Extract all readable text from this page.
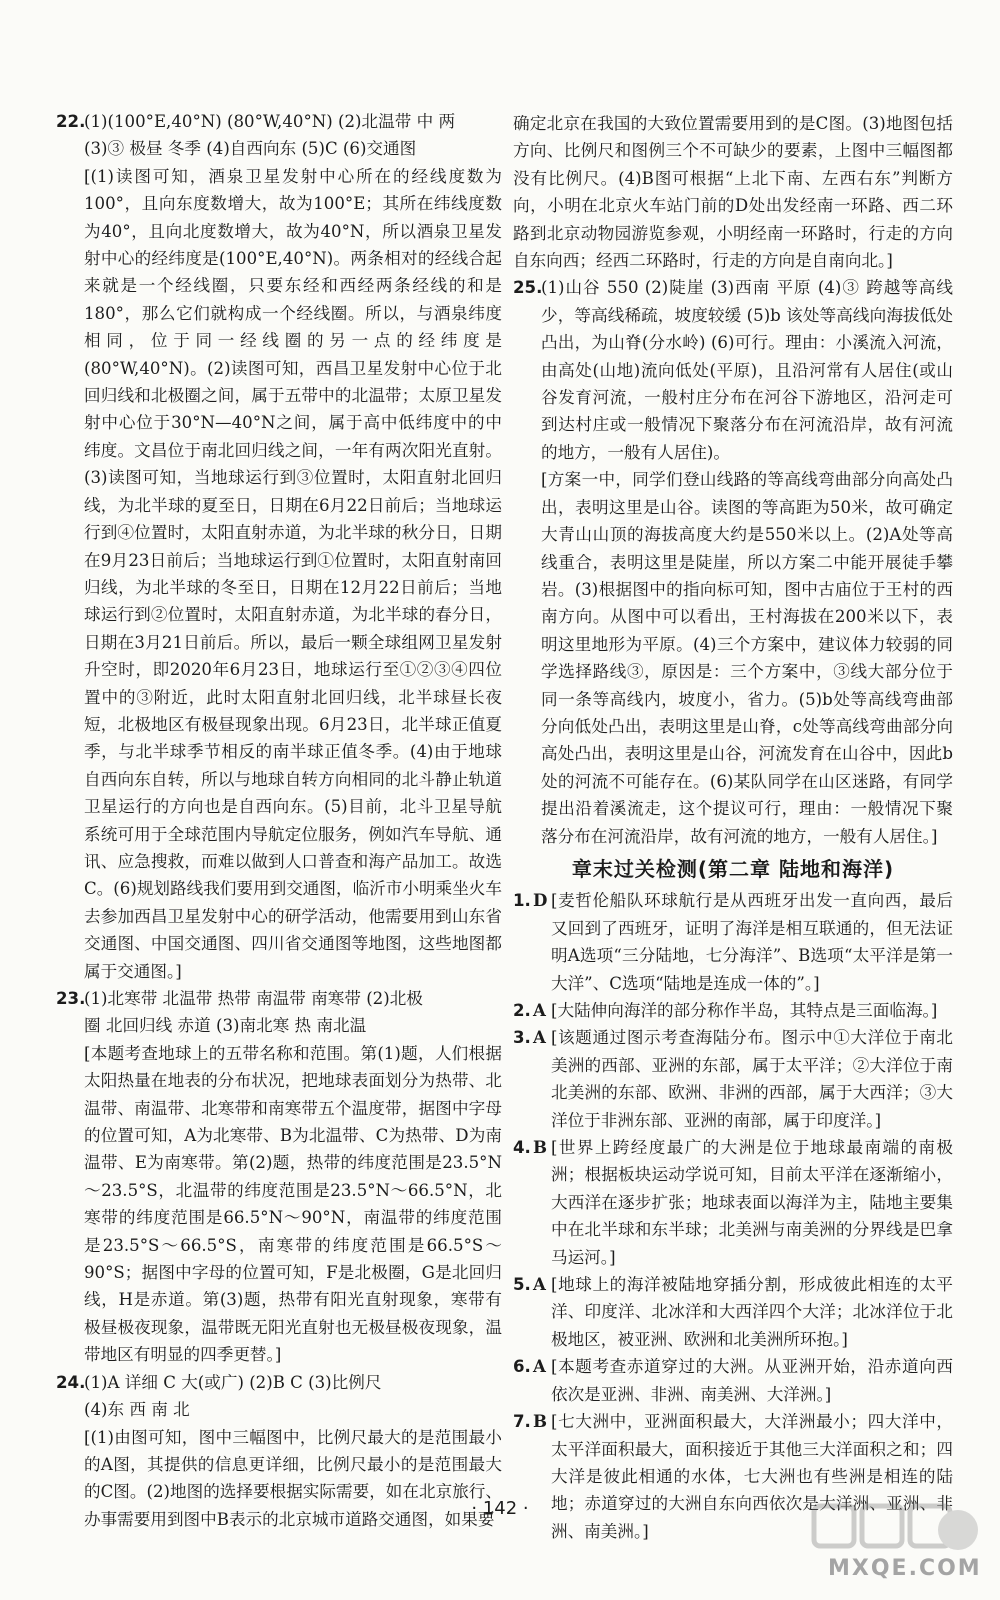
22.
(1)(100°E,40°N) (80°W,40°N) (2)北温带 中 两
(3)③ 极昼 冬季 (4)自西向东 (5)C (6)交通图
[(1)读图可知，酒泉卫星发射中心所在的经线度数为100°，且向东度数增大，故为100°E；其所在纬线度数为40°，且向北度数增大，故为40°N，所以酒泉卫星发射中心的经纬度是(100°E,40°N)。两条相对的经线合起来就是一个经线圈，只要东经和西经两条经线的和是180°，那么它们就构成一个经线圈。所以，与酒泉纬度相同，位于同一经线圈的另一点的经纬度是(80°W,40°N)。(2)读图可知，西昌卫星发射中心位于北回归线和北极圈之间，属于五带中的北温带；太原卫星发射中心位于30°N—40°N之间，属于高中低纬度中的中纬度。文昌位于南北回归线之间，一年有两次阳光直射。(3)读图可知，当地球运行到③位置时，太阳直射北回归线，为北半球的夏至日，日期在6月22日前后；当地球运行到④位置时，太阳直射赤道，为北半球的秋分日，日期在9月23日前后；当地球运行到①位置时，太阳直射南回归线，为北半球的冬至日，日期在12月22日前后；当地球运行到②位置时，太阳直射赤道，为北半球的春分日，日期在3月21日前后。所以，最后一颗全球组网卫星发射升空时，即2020年6月23日，地球运行至①②③④四位置中的③附近，此时太阳直射北回归线，北半球昼长夜短，北极地区有极昼现象出现。6月23日，北半球正值夏季，与北半球季节相反的南半球正值冬季。(4)由于地球自西向东自转，所以与地球自转方向相同的北斗静止轨道卫星运行的方向也是自西向东。(5)目前，北斗卫星导航系统可用于全球范围内导航定位服务，例如汽车导航、通讯、应急搜救，而难以做到人口普查和海产品加工。故选C。(6)规划路线我们要用到交通图，临沂市小明乘坐火车去参加西昌卫星发射中心的研学活动，他需要用到山东省交通图、中国交通图、四川省交通图等地图，这些地图都属于交通图。]
23.
(1)北寒带 北温带 热带 南温带 南寒带 (2)北极
圈 北回归线 赤道 (3)南北寒 热 南北温
[本题考查地球上的五带名称和范围。第(1)题，人们根据太阳热量在地表的分布状况，把地球表面划分为热带、北温带、南温带、北寒带和南寒带五个温度带，据图中字母的位置可知，A为北寒带、B为北温带、C为热带、D为南温带、E为南寒带。第(2)题，热带的纬度范围是23.5°N～23.5°S，北温带的纬度范围是23.5°N～66.5°N，北寒带的纬度范围是66.5°N～90°N，南温带的纬度范围是23.5°S～66.5°S，南寒带的纬度范围是66.5°S～90°S；据图中字母的位置可知，F是北极圈，G是北回归线，H是赤道。第(3)题，热带有阳光直射现象，寒带有极昼极夜现象，温带既无阳光直射也无极昼极夜现象，温带地区有明显的四季更替。]
24.
(1)A 详细 C 大(或广) (2)B C (3)比例尺
(4)东 西 南 北
[(1)由图可知，图中三幅图中，比例尺最大的是范围最小的A图，其提供的信息更详细，比例尺最小的是范围最大的C图。(2)地图的选择要根据实际需要，如在北京旅行、办事需要用到图中B表示的北京城市道路交通图，如果要
确定北京在我国的大致位置需要用到的是C图。(3)地图包括方向、比例尺和图例三个不可缺少的要素，上图中三幅图都没有比例尺。(4)B图可根据“上北下南、左西右东”判断方向，小明在北京火车站门前的D处出发经南一环路、西二环路到北京动物园游览参观，小明经南一环路时，行走的方向自东向西；经西二环路时，行走的方向是自南向北。]
25.
(1)山谷 550 (2)陡崖 (3)西南 平原 (4)③ 跨越等高线少，等高线稀疏，坡度较缓 (5)b 该处等高线向海拔低处凸出，为山脊(分水岭) (6)可行。理由：小溪流入河流，由高处(山地)流向低处(平原)，且沿河常有人居住(或山谷发育河流，一般村庄分布在河谷下游地区，沿河走可到达村庄或一般情况下聚落分布在河流沿岸，故有河流的地方，一般有人居住)。
[方案一中，同学们登山线路的等高线弯曲部分向高处凸出，表明这里是山谷。读图的等高距为50米，故可确定大青山山顶的海拔高度大约是550米以上。(2)A处等高线重合，表明这里是陡崖，所以方案二中能开展徒手攀岩。(3)根据图中的指向标可知，图中古庙位于王村的西南方向。从图中可以看出，王村海拔在200米以下，表明这里地形为平原。(4)三个方案中，建议体力较弱的同学选择路线③，原因是：三个方案中，③线大部分位于同一条等高线内，坡度小，省力。(5)b处等高线弯曲部分向低处凸出，表明这里是山脊，c处等高线弯曲部分向高处凸出，表明这里是山谷，河流发育在山谷中，因此b处的河流不可能存在。(6)某队同学在山区迷路，有同学提出沿着溪流走，这个提议可行，理由：一般情况下聚落分布在河流沿岸，故有河流的地方，一般有人居住。]
章末过关检测(第二章 陆地和海洋)
1. D [麦哲伦船队环球航行是从西班牙出发一直向西，最后又回到了西班牙，证明了海洋是相互联通的，但无法证明A选项“三分陆地，七分海洋”、B选项“太平洋是第一大洋”、C选项“陆地是连成一体的”。]
2. A [大陆伸向海洋的部分称作半岛，其特点是三面临海。]
3. A [该题通过图示考查海陆分布。图示中①大洋位于南北美洲的西部、亚洲的东部，属于太平洋；②大洋位于南北美洲的东部、欧洲、非洲的西部，属于大西洋；③大洋位于非洲东部、亚洲的南部，属于印度洋。]
4. B [世界上跨经度最广的大洲是位于地球最南端的南极洲；根据板块运动学说可知，目前太平洋在逐渐缩小，大西洋在逐步扩张；地球表面以海洋为主，陆地主要集中在北半球和东半球；北美洲与南美洲的分界线是巴拿马运河。]
5. A [地球上的海洋被陆地穿插分割，形成彼此相连的太平洋、印度洋、北冰洋和大西洋四个大洋；北冰洋位于北极地区，被亚洲、欧洲和北美洲所环抱。]
6. A [本题考查赤道穿过的大洲。从亚洲开始，沿赤道向西依次是亚洲、非洲、南美洲、大洋洲。]
7. B [七大洲中，亚洲面积最大，大洋洲最小；四大洋中，太平洋面积最大，面积接近于其他三大洋面积之和；四大洋是彼此相通的水体，七大洲也有些洲是相连的陆地；赤道穿过的大洲自东向西依次是大洋洲、亚洲、非洲、南美洲。]
· 142 ·
MXQE.COM
